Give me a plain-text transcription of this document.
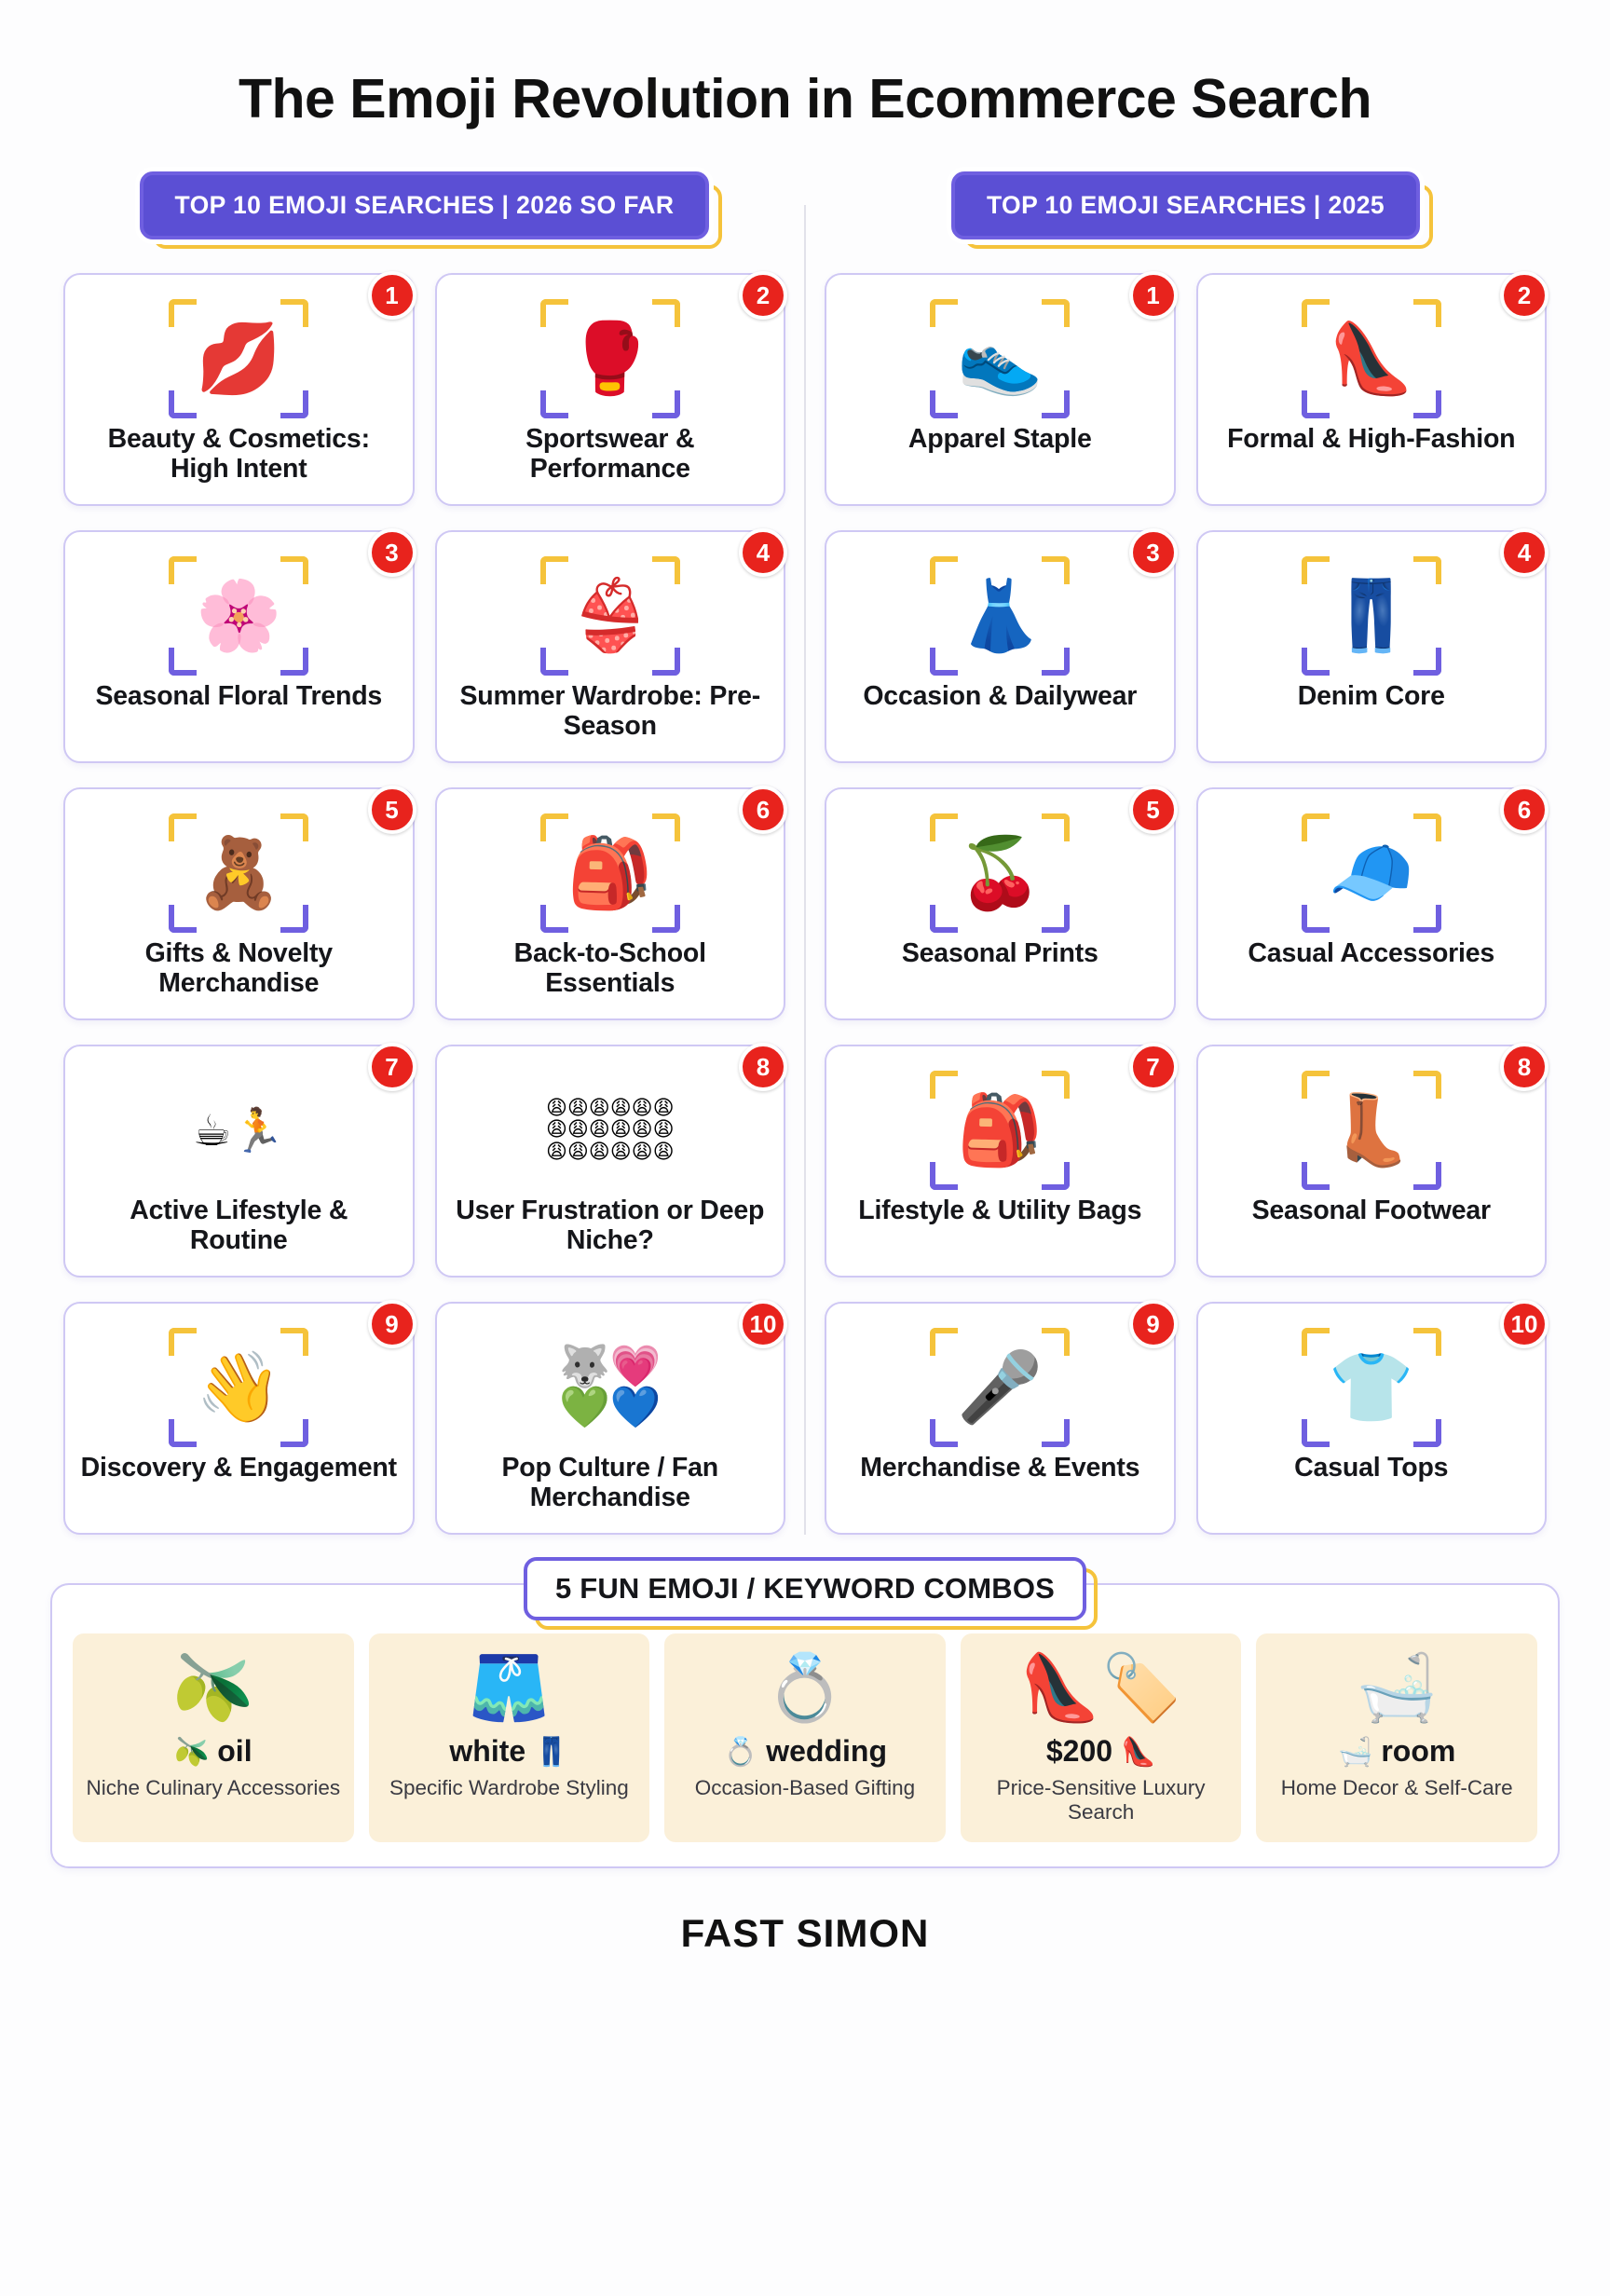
The Emoji Revolution in Ecommerce Search
TOP 10 EMOJI SEARCHES | 2026 SO FAR
1
💋
Beauty & Cosmetics: High Intent
2
🥊
Sportswear & Performance
3
🌸
Seasonal Floral Trends
4
👙
Summer Wardrobe: Pre-Season
5
🧸
Gifts & Novelty Merchandise
6
🎒
Back-to-School Essentials
7
☕🏃
Active Lifestyle & Routine
8
😩😩😩😩😩😩😩😩😩😩😩😩😩😩😩😩😩😩
User Frustration or Deep Niche?
9
👋
Discovery & Engagement
10
🐺💗💚💙
Pop Culture / Fan Merchandise
TOP 10 EMOJI SEARCHES | 2025
1
👟
Apparel Staple
2
👠
Formal & High-Fashion
3
👗
Occasion & Dailywear
4
👖
Denim Core
5
🍒
Seasonal Prints
6
🧢
Casual Accessories
7
🎒
Lifestyle & Utility Bags
8
👢
Seasonal Footwear
9
🎤
Merchandise & Events
10
👕
Casual Tops
5 FUN EMOJI / KEYWORD COMBOS
🫒
🫒 oil
Niche Culinary Accessories
🩳
white 👖
Specific Wardrobe Styling
💍
💍 wedding
Occasion-Based Gifting
👠🏷️
$200 👠
Price-Sensitive Luxury Search
🛁
🛁 room
Home Decor & Self-Care
FAST SIMON
